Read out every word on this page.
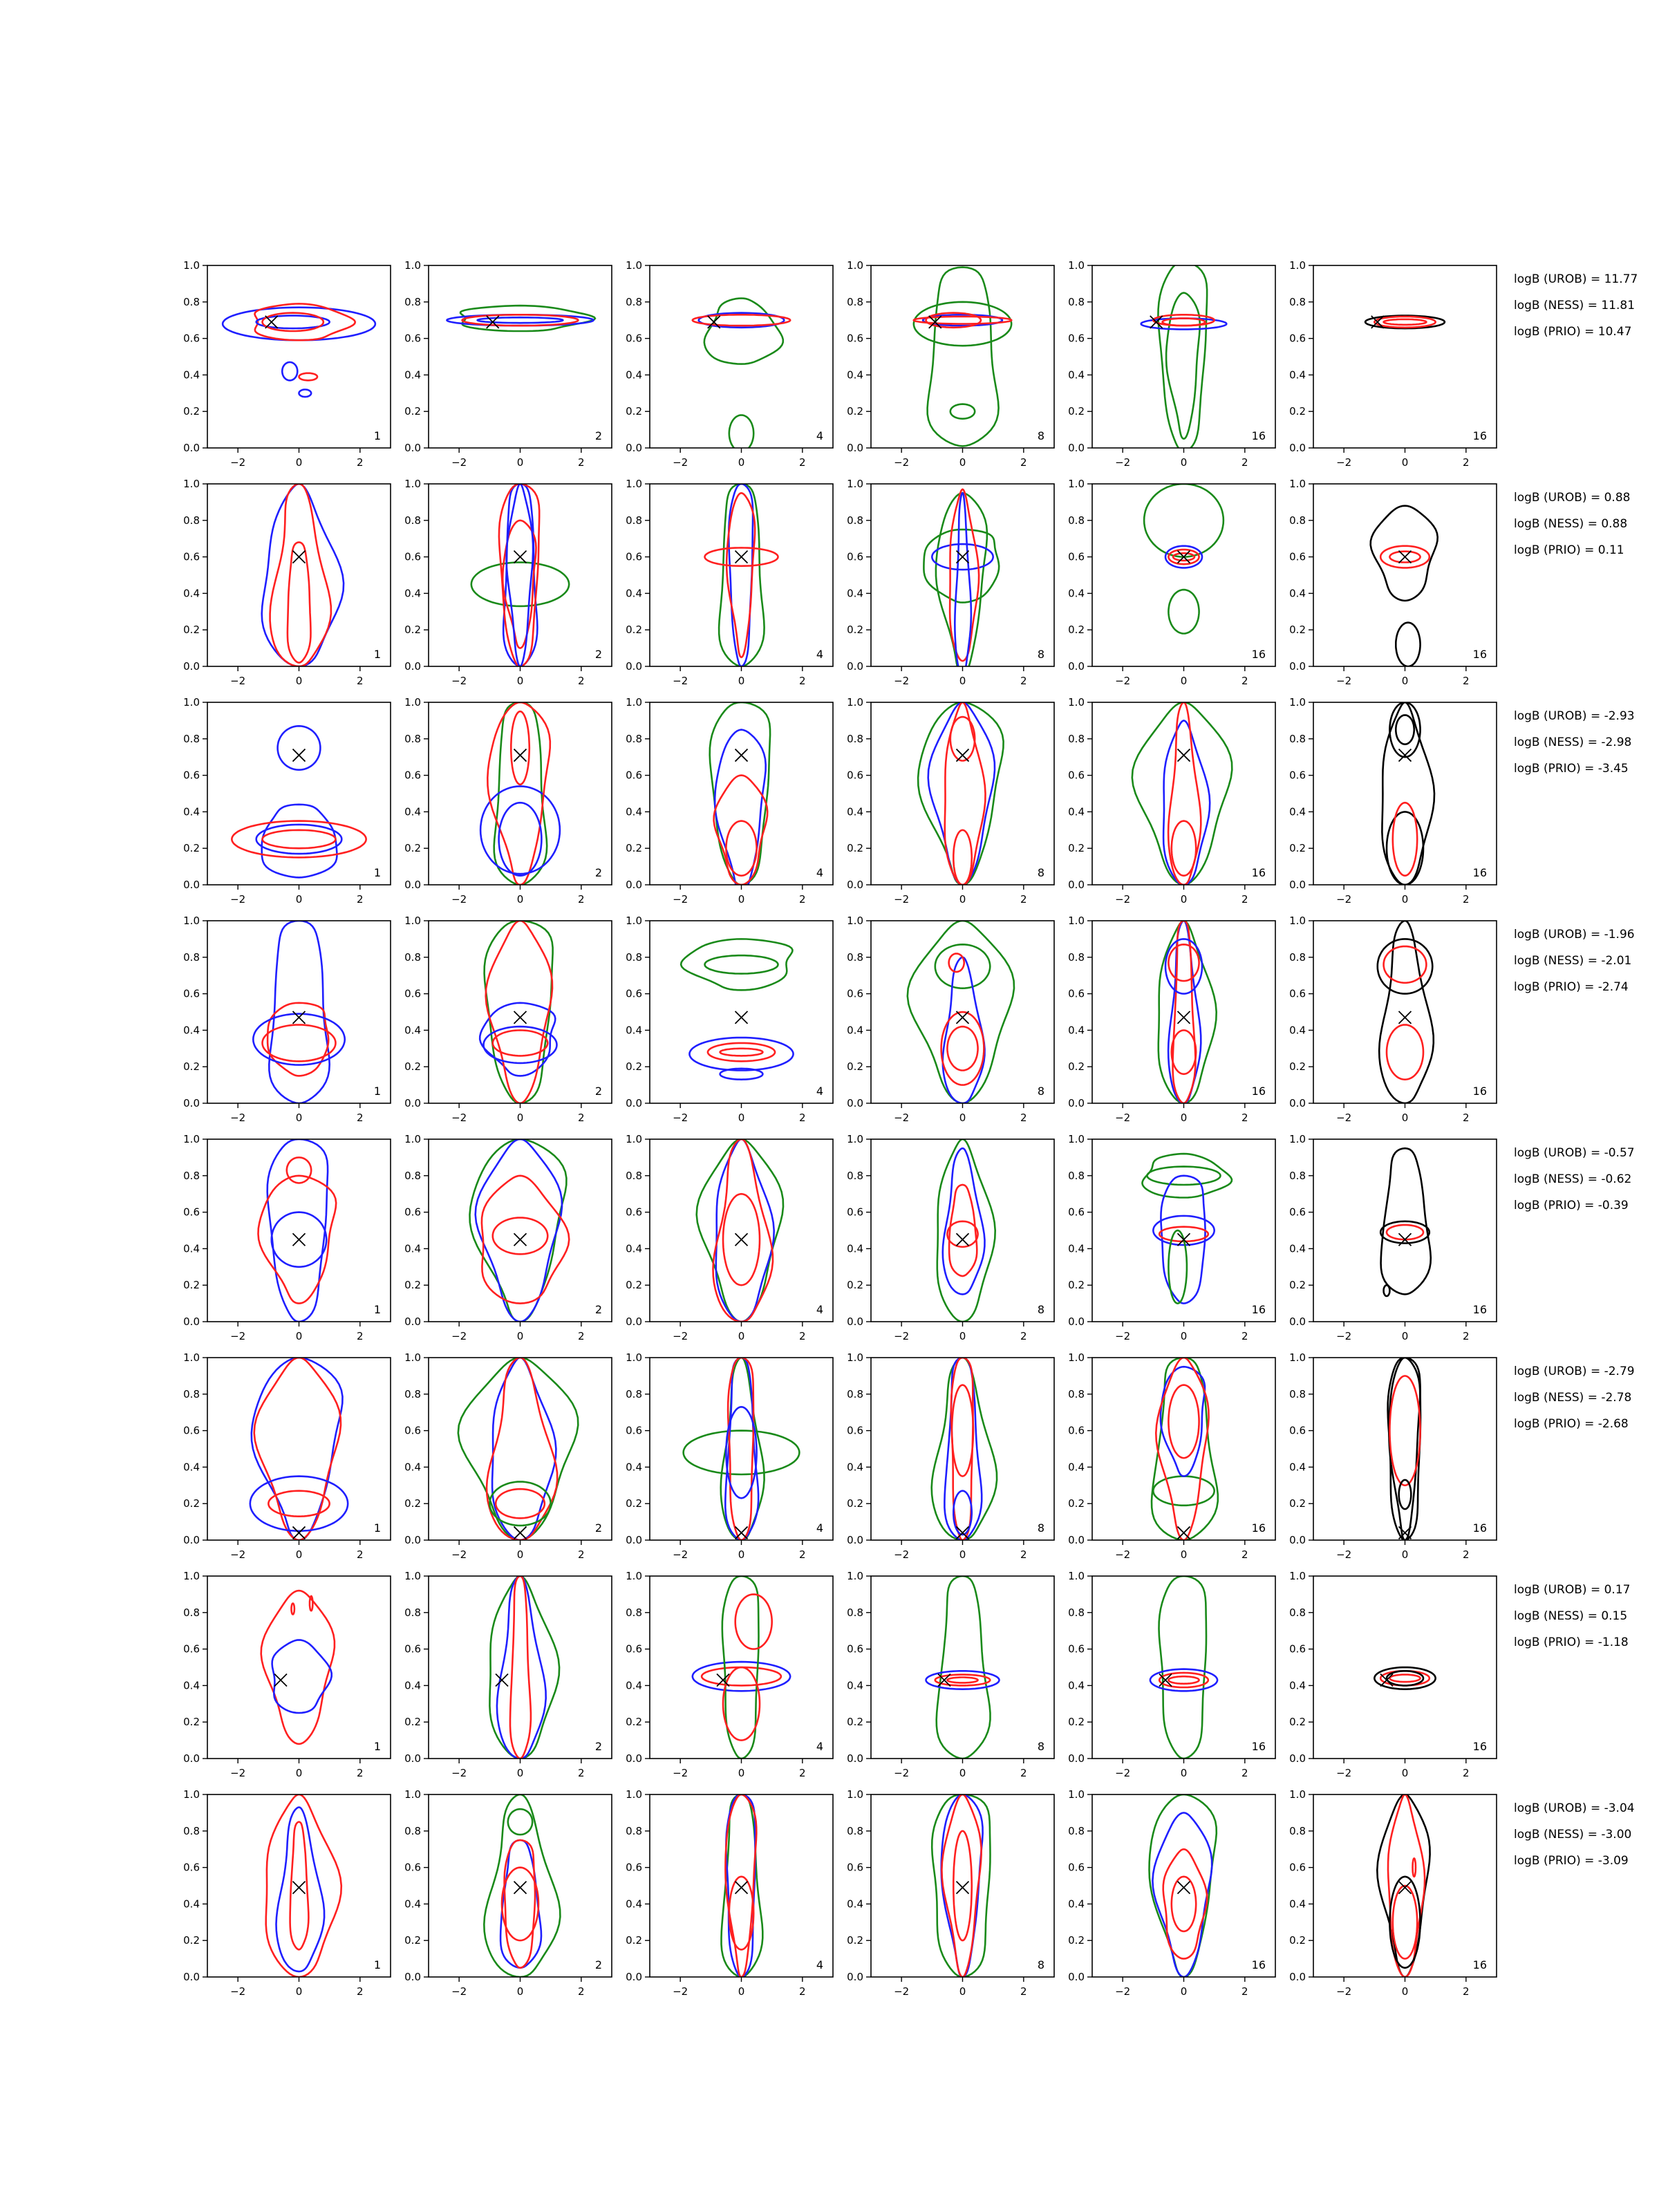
0.0
0.2
0.4
0.6
0.8
1.0
−2	0	2
1
0.0
0.2
0.4
0.6
0.8
1.0
−2	0	2
2
0.0
0.2
0.4
0.6
0.8
1.0
−2	0	2
4
0.0
0.2
0.4
0.6
0.8
1.0
−2	0	2
8
0.0
0.2
0.4
0.6
0.8
1.0
−2	0	2
16
0.0
0.2
0.4
0.6
0.8
1.0
−2	0	2
16
logB (UROB) = 11.77
logB (NESS) = 11.81
logB (PRIO) = 10.47
0.0
0.2
0.4
0.6
0.8
1.0
−2	0	2
1
0.0
0.2
0.4
0.6
0.8
1.0
−2	0	2
2
0.0
0.2
0.4
0.6
0.8
1.0
−2	0	2
4
0.0
0.2
0.4
0.6
0.8
1.0
−2	0	2
8
0.0
0.2
0.4
0.6
0.8
1.0
−2	0	2
16
0.0
0.2
0.4
0.6
0.8
1.0
−2	0	2
16
logB (UROB) = 0.88
logB (NESS) = 0.88
logB (PRIO) = 0.11
0.0
0.2
0.4
0.6
0.8
1.0
−2	0	2
1
0.0
0.2
0.4
0.6
0.8
1.0
−2	0	2
2
0.0
0.2
0.4
0.6
0.8
1.0
−2	0	2
4
0.0
0.2
0.4
0.6
0.8
1.0
−2	0	2
8
0.0
0.2
0.4
0.6
0.8
1.0
−2	0	2
16
0.0
0.2
0.4
0.6
0.8
1.0
−2	0	2
16
logB (UROB) = -2.93
logB (NESS) = -2.98
logB (PRIO) = -3.45
0.0
0.2
0.4
0.6
0.8
1.0
−2	0	2
1
0.0
0.2
0.4
0.6
0.8
1.0
−2	0	2
2
0.0
0.2
0.4
0.6
0.8
1.0
−2	0	2
4
0.0
0.2
0.4
0.6
0.8
1.0
−2	0	2
8
0.0
0.2
0.4
0.6
0.8
1.0
−2	0	2
16
0.0
0.2
0.4
0.6
0.8
1.0
−2	0	2
16
logB (UROB) = -1.96
logB (NESS) = -2.01
logB (PRIO) = -2.74
0.0
0.2
0.4
0.6
0.8
1.0
−2	0	2
1
0.0
0.2
0.4
0.6
0.8
1.0
−2	0	2
2
0.0
0.2
0.4
0.6
0.8
1.0
−2	0	2
4
0.0
0.2
0.4
0.6
0.8
1.0
−2	0	2
8
0.0
0.2
0.4
0.6
0.8
1.0
−2	0	2
16
0.0
0.2
0.4
0.6
0.8
1.0
−2	0	2
16
logB (UROB) = -0.57
logB (NESS) = -0.62
logB (PRIO) = -0.39
0.0
0.2
0.4
0.6
0.8
1.0
−2	0	2
1
0.0
0.2
0.4
0.6
0.8
1.0
−2	0	2
2
0.0
0.2
0.4
0.6
0.8
1.0
−2	0	2
4
0.0
0.2
0.4
0.6
0.8
1.0
−2	0	2
8
0.0
0.2
0.4
0.6
0.8
1.0
−2	0	2
16
0.0
0.2
0.4
0.6
0.8
1.0
−2	0	2
16
logB (UROB) = -2.79
logB (NESS) = -2.78
logB (PRIO) = -2.68
0.0
0.2
0.4
0.6
0.8
1.0
−2	0	2
1
0.0
0.2
0.4
0.6
0.8
1.0
−2	0	2
2
0.0
0.2
0.4
0.6
0.8
1.0
−2	0	2
4
0.0
0.2
0.4
0.6
0.8
1.0
−2	0	2
8
0.0
0.2
0.4
0.6
0.8
1.0
−2	0	2
16
0.0
0.2
0.4
0.6
0.8
1.0
−2	0	2
16
logB (UROB) = 0.17
logB (NESS) = 0.15
logB (PRIO) = -1.18
0.0
0.2
0.4
0.6
0.8
1.0
−2	0	2
1
0.0
0.2
0.4
0.6
0.8
1.0
−2	0	2
2
0.0
0.2
0.4
0.6
0.8
1.0
−2	0	2
4
0.0
0.2
0.4
0.6
0.8
1.0
−2	0	2
8
0.0
0.2
0.4
0.6
0.8
1.0
−2	0	2
16
0.0
0.2
0.4
0.6
0.8
1.0
−2	0	2
16
logB (UROB) = -3.04
logB (NESS) = -3.00
logB (PRIO) = -3.09
